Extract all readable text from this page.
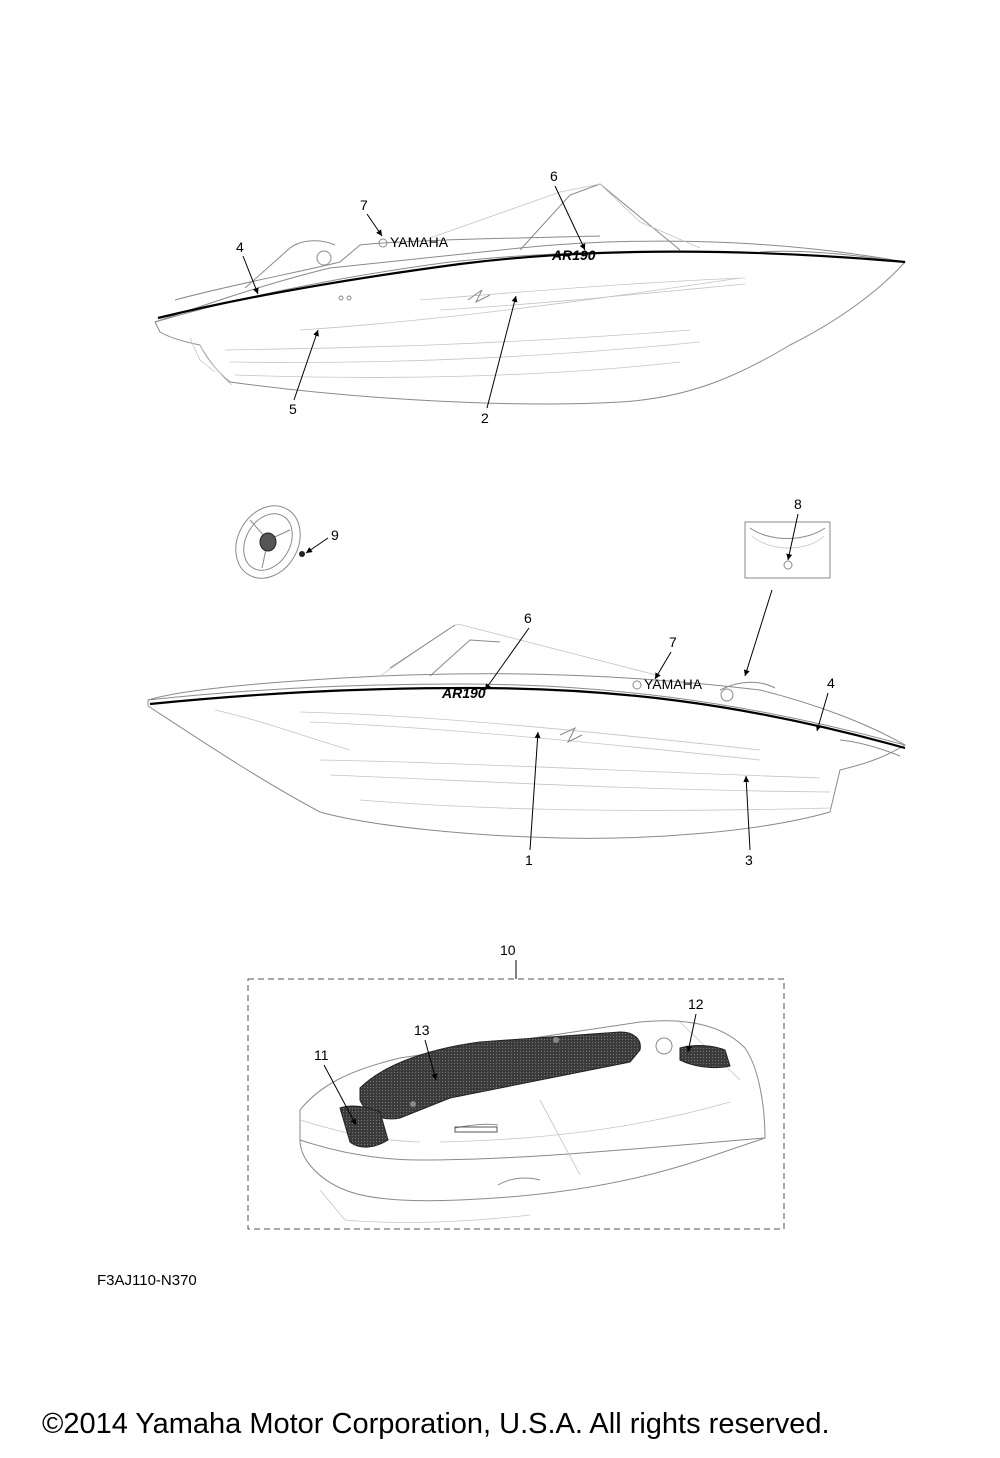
YAMAHA
AR190
6
7
4
5
2
9
8
AR190
YAMAHA
6
7
4
1	3
10
13
11
12
F3AJ110-N370
©2014 Yamaha Motor Corporation, U.S.A. All rights reserved.
